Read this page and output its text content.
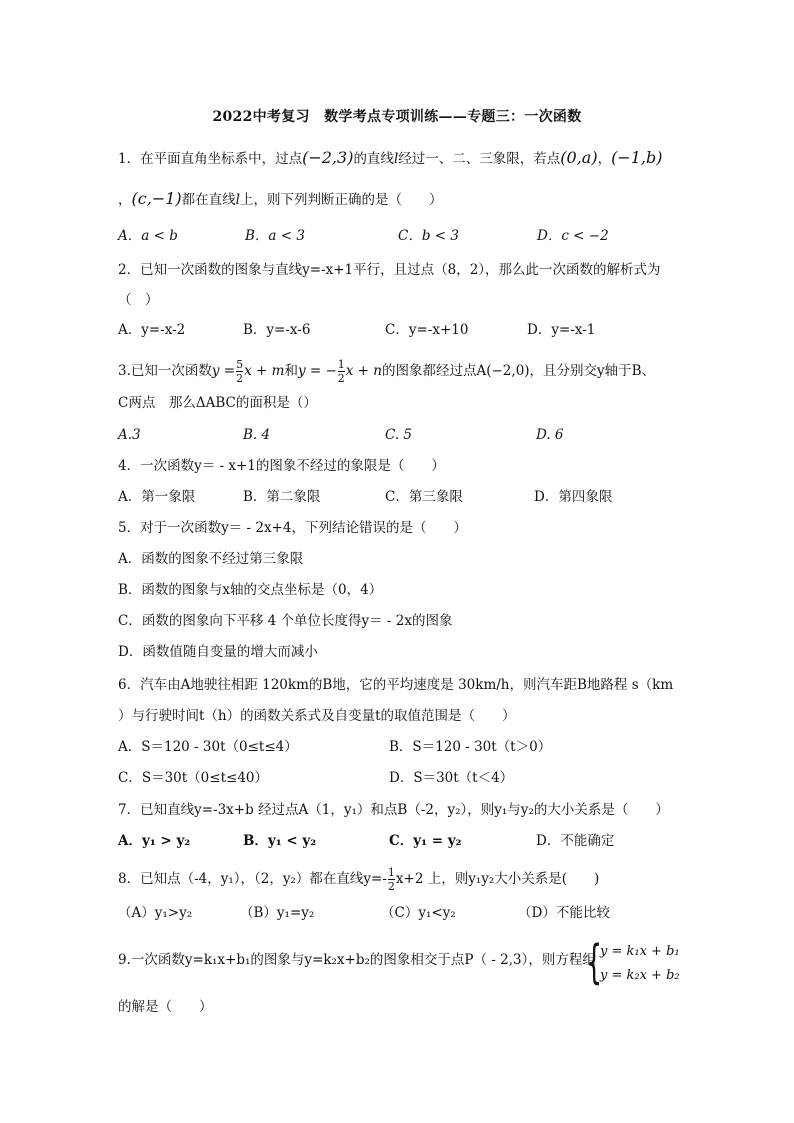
2022中考复习　数学考点专项训练——专题三：一次函数
1．在平面直角坐标系中，过点(−2,3)的直线l经过一、二、三象限，若点(0,a)，(−1,b)
，(c,−1)都在直线l上，则下列判断正确的是（　　）
A．a < b	B．a < 3	C．b < 3	D．c < −2
2．已知一次函数的图象与直线y=-x+1平行，且过点（8，2），那么此一次函数的解析式为
（　）
A．y=-x-2	B．y=-x-6	C．y=-x+10	D．y=-x-1
3.已知一次函数$y = \frac{5}{2}$ x + m和y = − $\frac{1}{2}$ x + n的图象都经过点A(−2,0)，且分别交y轴于B、
C两点　那么ΔABC的面积是（）
A.3	B. 4	C. 5	D. 6
4．一次函数y＝ - x+1的图象不经过的象限是（　　）
A．第一象限	B．第二象限	C．第三象限	D．第四象限
5．对于一次函数y＝ - 2x+4，下列结论错误的是（　　）
A．函数的图象不经过第三象限
B．函数的图象与x轴的交点坐标是（0，4）
C．函数的图象向下平移 4 个单位长度得y＝ - 2x的图象
D．函数值随自变量的增大而减小
6．汽车由A地驶往相距 120km的B地，它的平均速度是 30km/h，则汽车距B地路程 s（km
）与行驶时间t（h）的函数关系式及自变量t的取值范围是（　　）
A．S＝120 - 30t（0≤t≤4）	B．S＝120 - 30t（t＞0）
C．S＝30t（0≤t≤40）	D．S＝30t（t＜4）
7．已知直线y=-3x+b 经过点A（1，y₁）和点B（-2，y₂），则y₁与y₂的大小关系是（　　）
A．y₁ > y₂	B．y₁ < y₂	C．y₁ = y₂	D．不能确定
8．已知点（-4，y₁），（2，y₂）都在直线$y=- \frac{1}{2} x+2$ 上，则y₁y₂大小关系是(　　)
（A）y₁>y₂	（B）y₁=y₂	（C）y₁<y₂	（D）不能比较
9.一次函数y=k₁x+b₁的图象与y=k₂x+b₂的图象相交于点P（ - 2,3），则方程组
{
y = k₁x + b₁
y = k₂x + b₂
的解是（　　）
